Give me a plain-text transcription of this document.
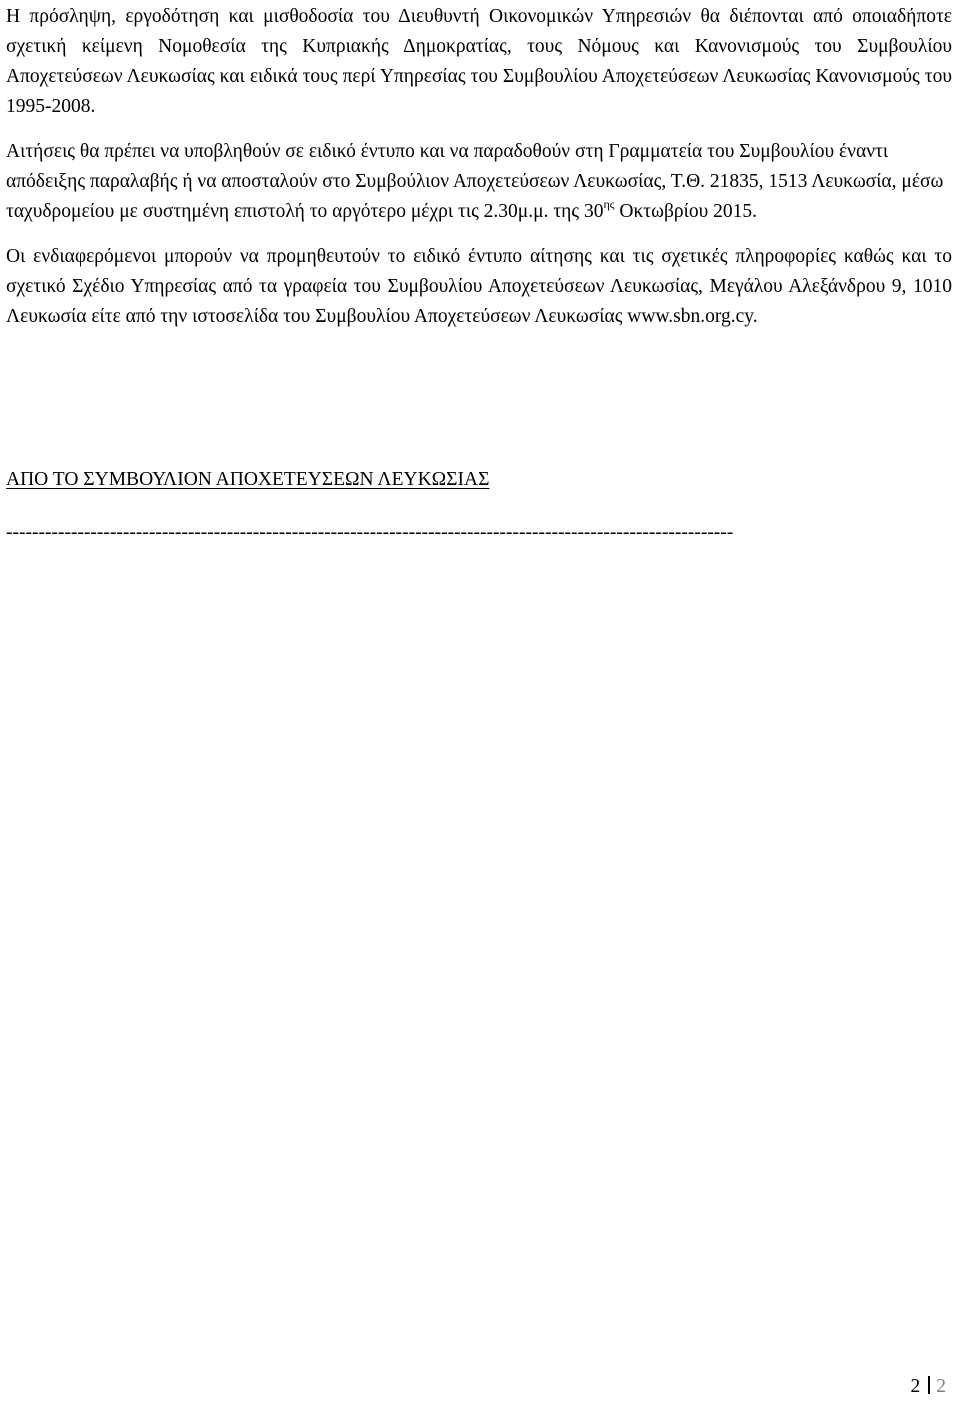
Η πρόσληψη, εργοδότηση και μισθοδοσία του Διευθυντή Οικονομικών Υπηρεσιών θα διέπονται από οποιαδήποτε σχετική κείμενη Νομοθεσία της Κυπριακής Δημοκρατίας, τους Νόμους και Κανονισμούς του Συμβουλίου Αποχετεύσεων Λευκωσίας και ειδικά τους περί Υπηρεσίας του Συμβουλίου Αποχετεύσεων Λευκωσίας Κανονισμούς του 1995-2008.

Αιτήσεις θα πρέπει να υποβληθούν σε ειδικό έντυπο και να παραδοθούν στη Γραμματεία του Συμβουλίου έναντι απόδειξης παραλαβής ή να αποσταλούν στο Συμβούλιον Αποχετεύσεων Λευκωσίας, Τ.Θ. 21835, 1513 Λευκωσία, μέσω ταχυδρομείου με συστημένη επιστολή το αργότερο μέχρι τις 2.30μ.μ. της $30^{\eta\varsigma}$ Οκτωβρίου 2015.

Οι ενδιαφερόμενοι μπορούν να προμηθευτούν το ειδικό έντυπο αίτησης και τις σχετικές πληροφορίες καθώς και το σχετικό Σχέδιο Υπηρεσίας από τα γραφεία του Συμβουλίου Αποχετεύσεων Λευκωσίας, Μεγάλου Αλεξάνδρου 9, 1010 Λευκωσία είτε από την ιστοσελίδα του Συμβουλίου Αποχετεύσεων Λευκωσίας www.sbn.org.cy.

ΑΠΟ ΤΟ ΣΥΜΒΟΥΛΙΟΝ ΑΠΟΧΕΤΕΥΣΕΩΝ ΛΕΥΚΩΣΙΑΣ
----------------------------------------------------------------------------------------------------------------
2 2
